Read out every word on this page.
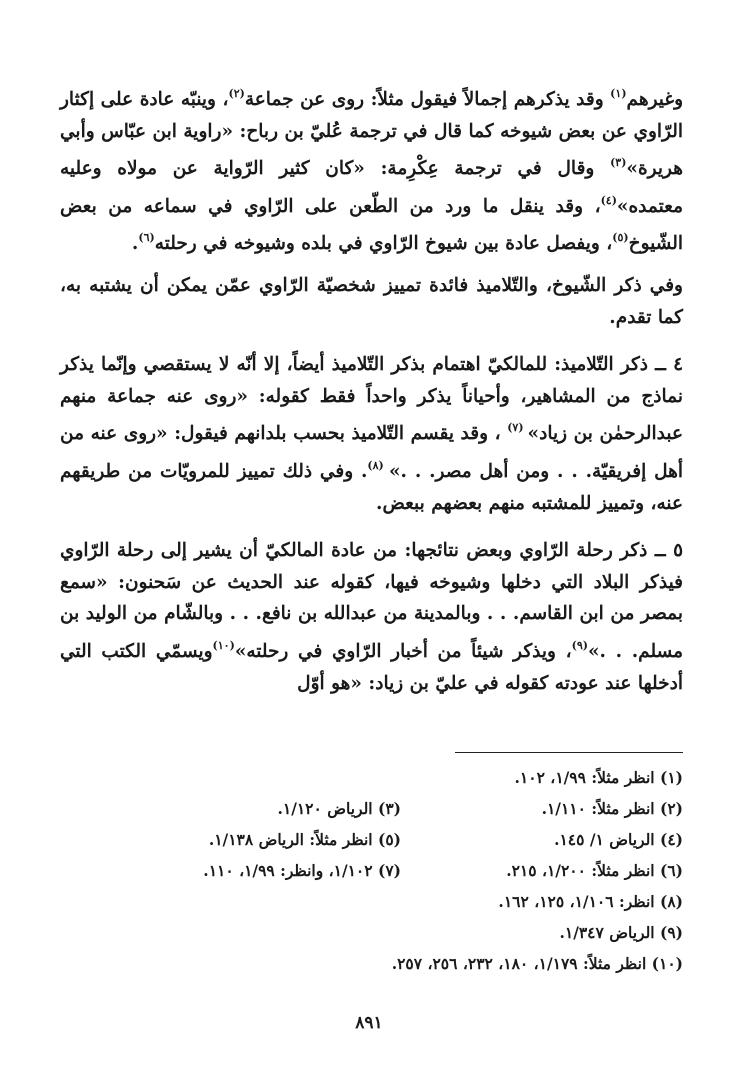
وغيرهم$^{(١)}$ وقد يذكرهم إجمالاً فيقول مثلاً: روى عن جماعة$^{(٢)}$، وينبّه عادة على إكثار الرّاوي عن بعض شيوخه كما قال في ترجمة عُليّ بن رباح: «راوية ابن عبّاس وأبي هريرة»$^{(٣)}$ وقال في ترجمة عِكْرِمة: «كان كثير الرّواية عن مولاه وعليه معتمده»$^{(٤)}$، وقد ينقل ما ورد من الطّعن على الرّاوي في سماعه من بعض الشّيوخ$^{(٥)}$، ويفصل عادة بين شيوخ الرّاوي في بلده وشيوخه في رحلته$^{(٦)}$.

وفي ذكر الشّيوخ، والتّلاميذ فائدة تمييز شخصيّة الرّاوي عمّن يمكن أن يشتبه به، كما تقدم.

٤ ــ ذكر التّلاميذ: للمالكيّ اهتمام بذكر التّلاميذ أيضاً، إلا أنّه لا يستقصي وإنّما يذكر نماذج من المشاهير، وأحياناً يذكر واحداً فقط كقوله: «روى عنه جماعة منهم عبدالرحمٰن بن زياد» $^{(٧)}$ ، وقد يقسم التّلاميذ بحسب بلدانهم فيقول: «روى عنه من أهل إفريقيّة. . . ومن أهل مصر. . .» $^{(٨)}$. وفي ذلك تمييز للمرويّات من طريقهم عنه، وتمييز للمشتبه منهم بعضهم ببعض.

٥ ــ ذكر رحلة الرّاوي وبعض نتائجها: من عادة المالكيّ أن يشير إلى رحلة الرّاوي فيذكر البلاد التي دخلها وشيوخه فيها، كقوله عند الحديث عن سَحنون: «سمع بمصر من ابن القاسم. . . وبالمدينة من عبدالله بن نافع. . . وبالشّام من الوليد بن مسلم. . .»$^{(٩)}$، ويذكر شيئاً من أخبار الرّاوي في رحلته»$^{(١٠)}$ويسمّي الكتب التي أدخلها عند عودته كقوله في عليّ بن زياد: «هو أوّل

(١) انظر مثلاً: ١/٩٩، ١٠٢.
(٢) انظر مثلاً: ١/١١٠.
(٣) الرياض ١/١٢٠.
(٤) الرياض ١/ ١٤٥.
(٥) انظر مثلاً: الرياض ١/١٣٨.
(٦) انظر مثلاً: ١/٢٠٠، ٢١٥.
(٧) ١/١٠٢، وانظر: ١/٩٩، ١١٠.
(٨) انظر: ١/١٠٦، ١٢٥، ١٦٢.
(٩) الرياض ١/٣٤٧.
(١٠) انظر مثلاً: ١/١٧٩، ١٨٠، ٢٣٢، ٢٥٦، ٢٥٧.
٨٩١
